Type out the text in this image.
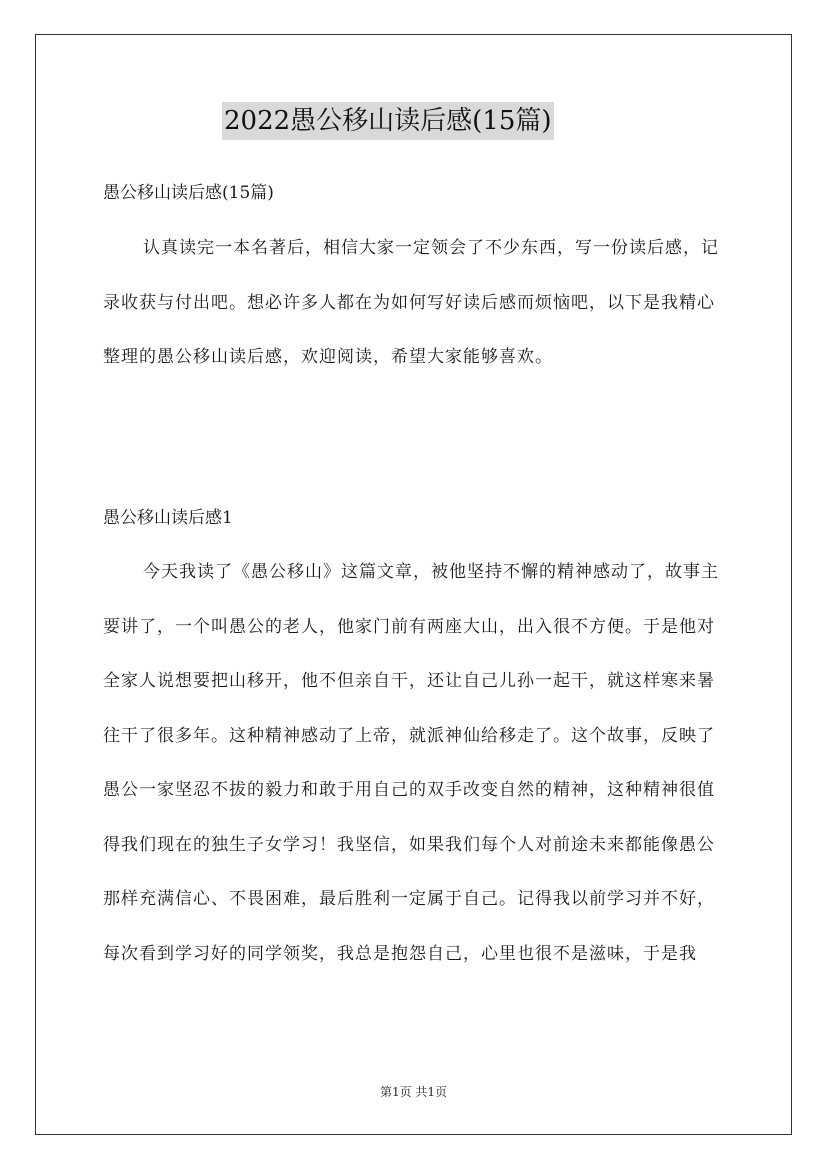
2022愚公移山读后感(15篇)
愚公移山读后感(15篇)

认真读完一本名著后，相信大家一定领会了不少东西，写一份读后感，记录收获与付出吧。想必许多人都在为如何写好读后感而烦恼吧，以下是我精心整理的愚公移山读后感，欢迎阅读，希望大家能够喜欢。

愚公移山读后感1

今天我读了《愚公移山》这篇文章，被他坚持不懈的精神感动了，故事主要讲了，一个叫愚公的老人，他家门前有两座大山，出入很不方便。于是他对全家人说想要把山移开，他不但亲自干，还让自己儿孙一起干，就这样寒来暑往干了很多年。这种精神感动了上帝，就派神仙给移走了。这个故事，反映了愚公一家坚忍不拔的毅力和敢于用自己的双手改变自然的精神，这种精神很值得我们现在的独生子女学习！我坚信，如果我们每个人对前途未来都能像愚公那样充满信心、不畏困难，最后胜利一定属于自己。记得我以前学习并不好，每次看到学习好的同学领奖，我总是抱怨自己，心里也很不是滋味，于是我

第1页 共1页
